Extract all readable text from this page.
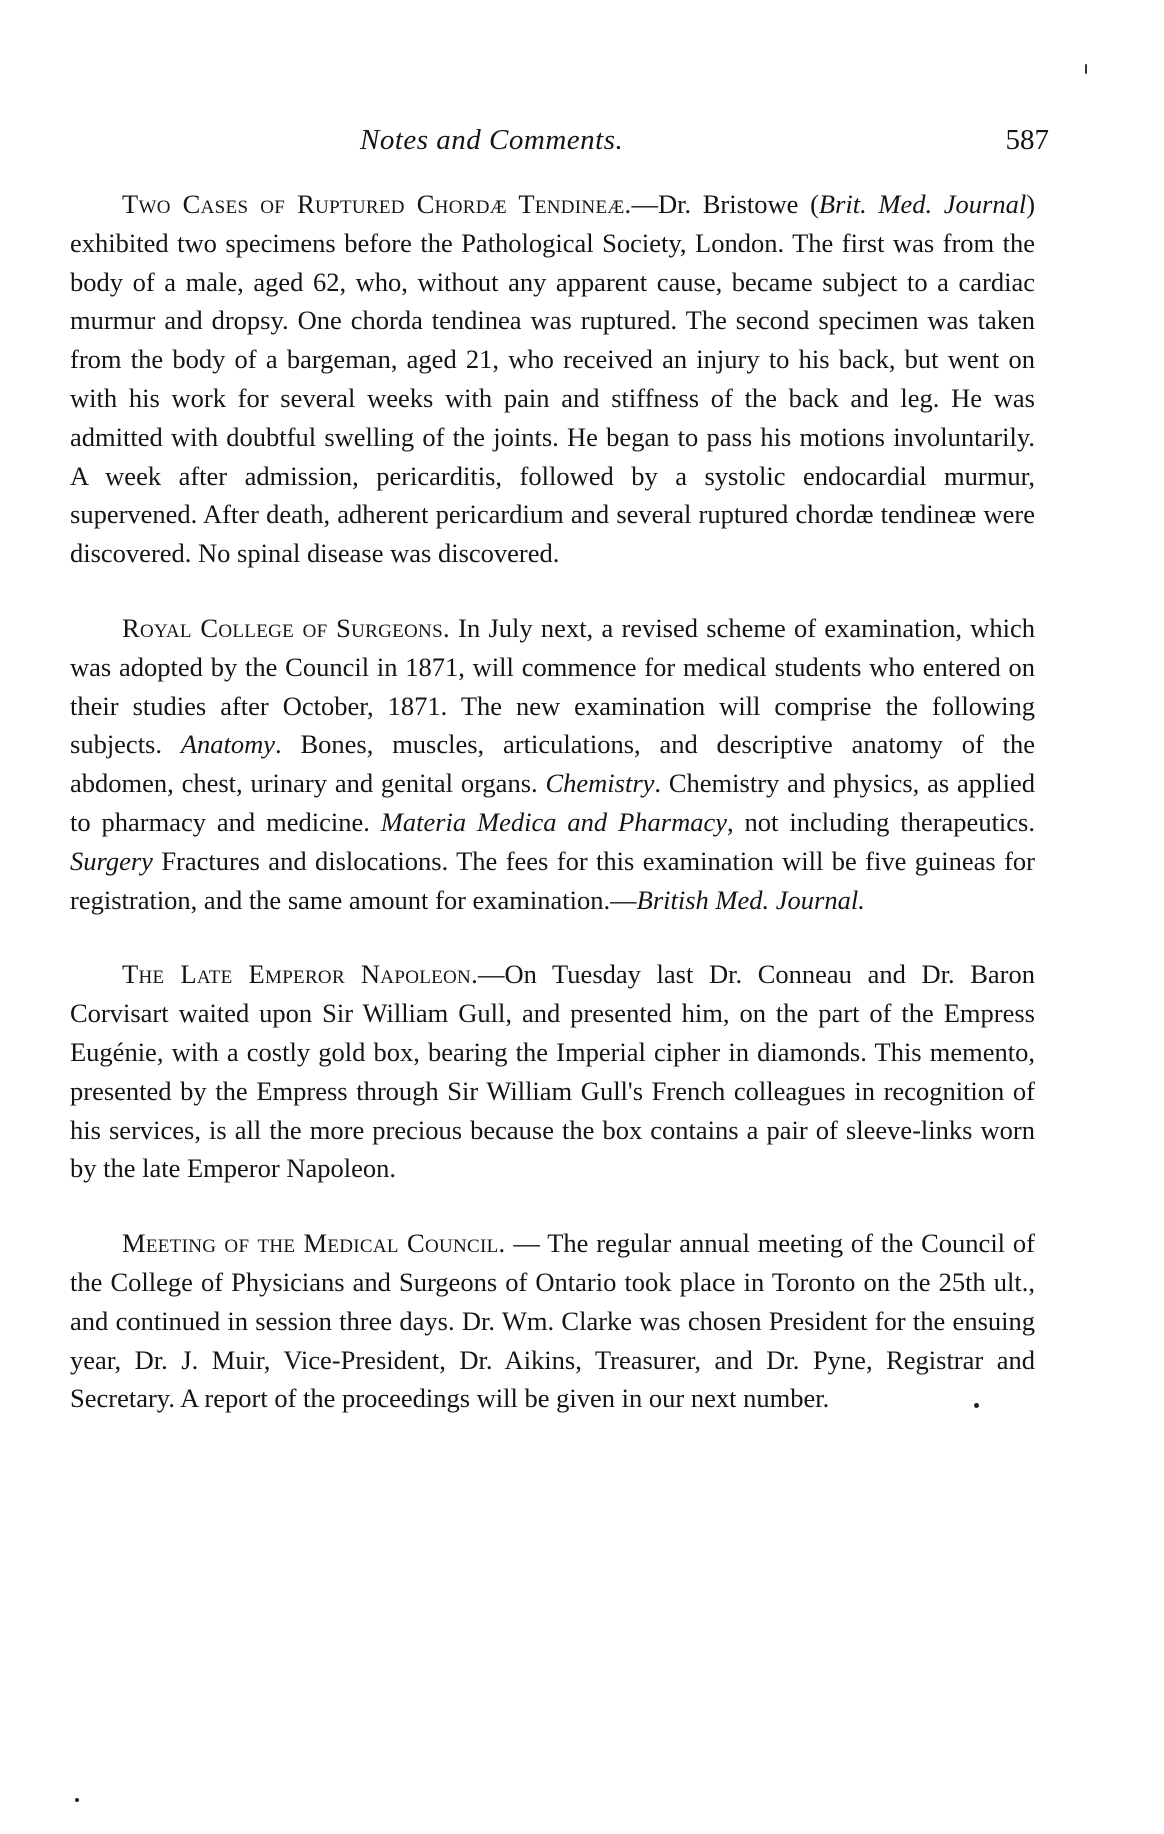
Notes and Comments.	587

Two Cases of Ruptured Chordæ Tendineæ.—Dr. Bristowe (Brit. Med. Journal) exhibited two specimens before the Pathological Society, London. The first was from the body of a male, aged 62, who, without any apparent cause, became subject to a cardiac murmur and dropsy. One chorda tendinea was ruptured. The second specimen was taken from the body of a bargeman, aged 21, who received an injury to his back, but went on with his work for several weeks with pain and stiffness of the back and leg. He was admitted with doubtful swelling of the joints. He began to pass his motions involuntarily. A week after admission, pericarditis, followed by a systolic endocardial murmur, supervened. After death, adherent pericardium and several ruptured chordæ tendineæ were discovered. No spinal disease was discovered.

Royal College of Surgeons. In July next, a revised scheme of examination, which was adopted by the Council in 1871, will commence for medical students who entered on their studies after October, 1871. The new examination will comprise the following subjects. Anatomy. Bones, muscles, articulations, and descriptive anatomy of the abdomen, chest, urinary and genital organs. Chemistry. Chemistry and physics, as applied to pharmacy and medicine. Materia Medica and Pharmacy, not including therapeutics. Surgery Fractures and dislocations. The fees for this examination will be five guineas for registration, and the same amount for examination.—British Med. Journal.

The Late Emperor Napoleon.—On Tuesday last Dr. Conneau and Dr. Baron Corvisart waited upon Sir William Gull, and presented him, on the part of the Empress Eugénie, with a costly gold box, bearing the Imperial cipher in diamonds. This memento, presented by the Empress through Sir William Gull's French colleagues in recognition of his services, is all the more precious because the box contains a pair of sleeve-links worn by the late Emperor Napoleon.

Meeting of the Medical Council. — The regular annual meeting of the Council of the College of Physicians and Surgeons of Ontario took place in Toronto on the 25th ult., and continued in session three days. Dr. Wm. Clarke was chosen President for the ensuing year, Dr. J. Muir, Vice-President, Dr. Aikins, Treasurer, and Dr. Pyne, Registrar and Secretary. A report of the proceedings will be given in our next number.
